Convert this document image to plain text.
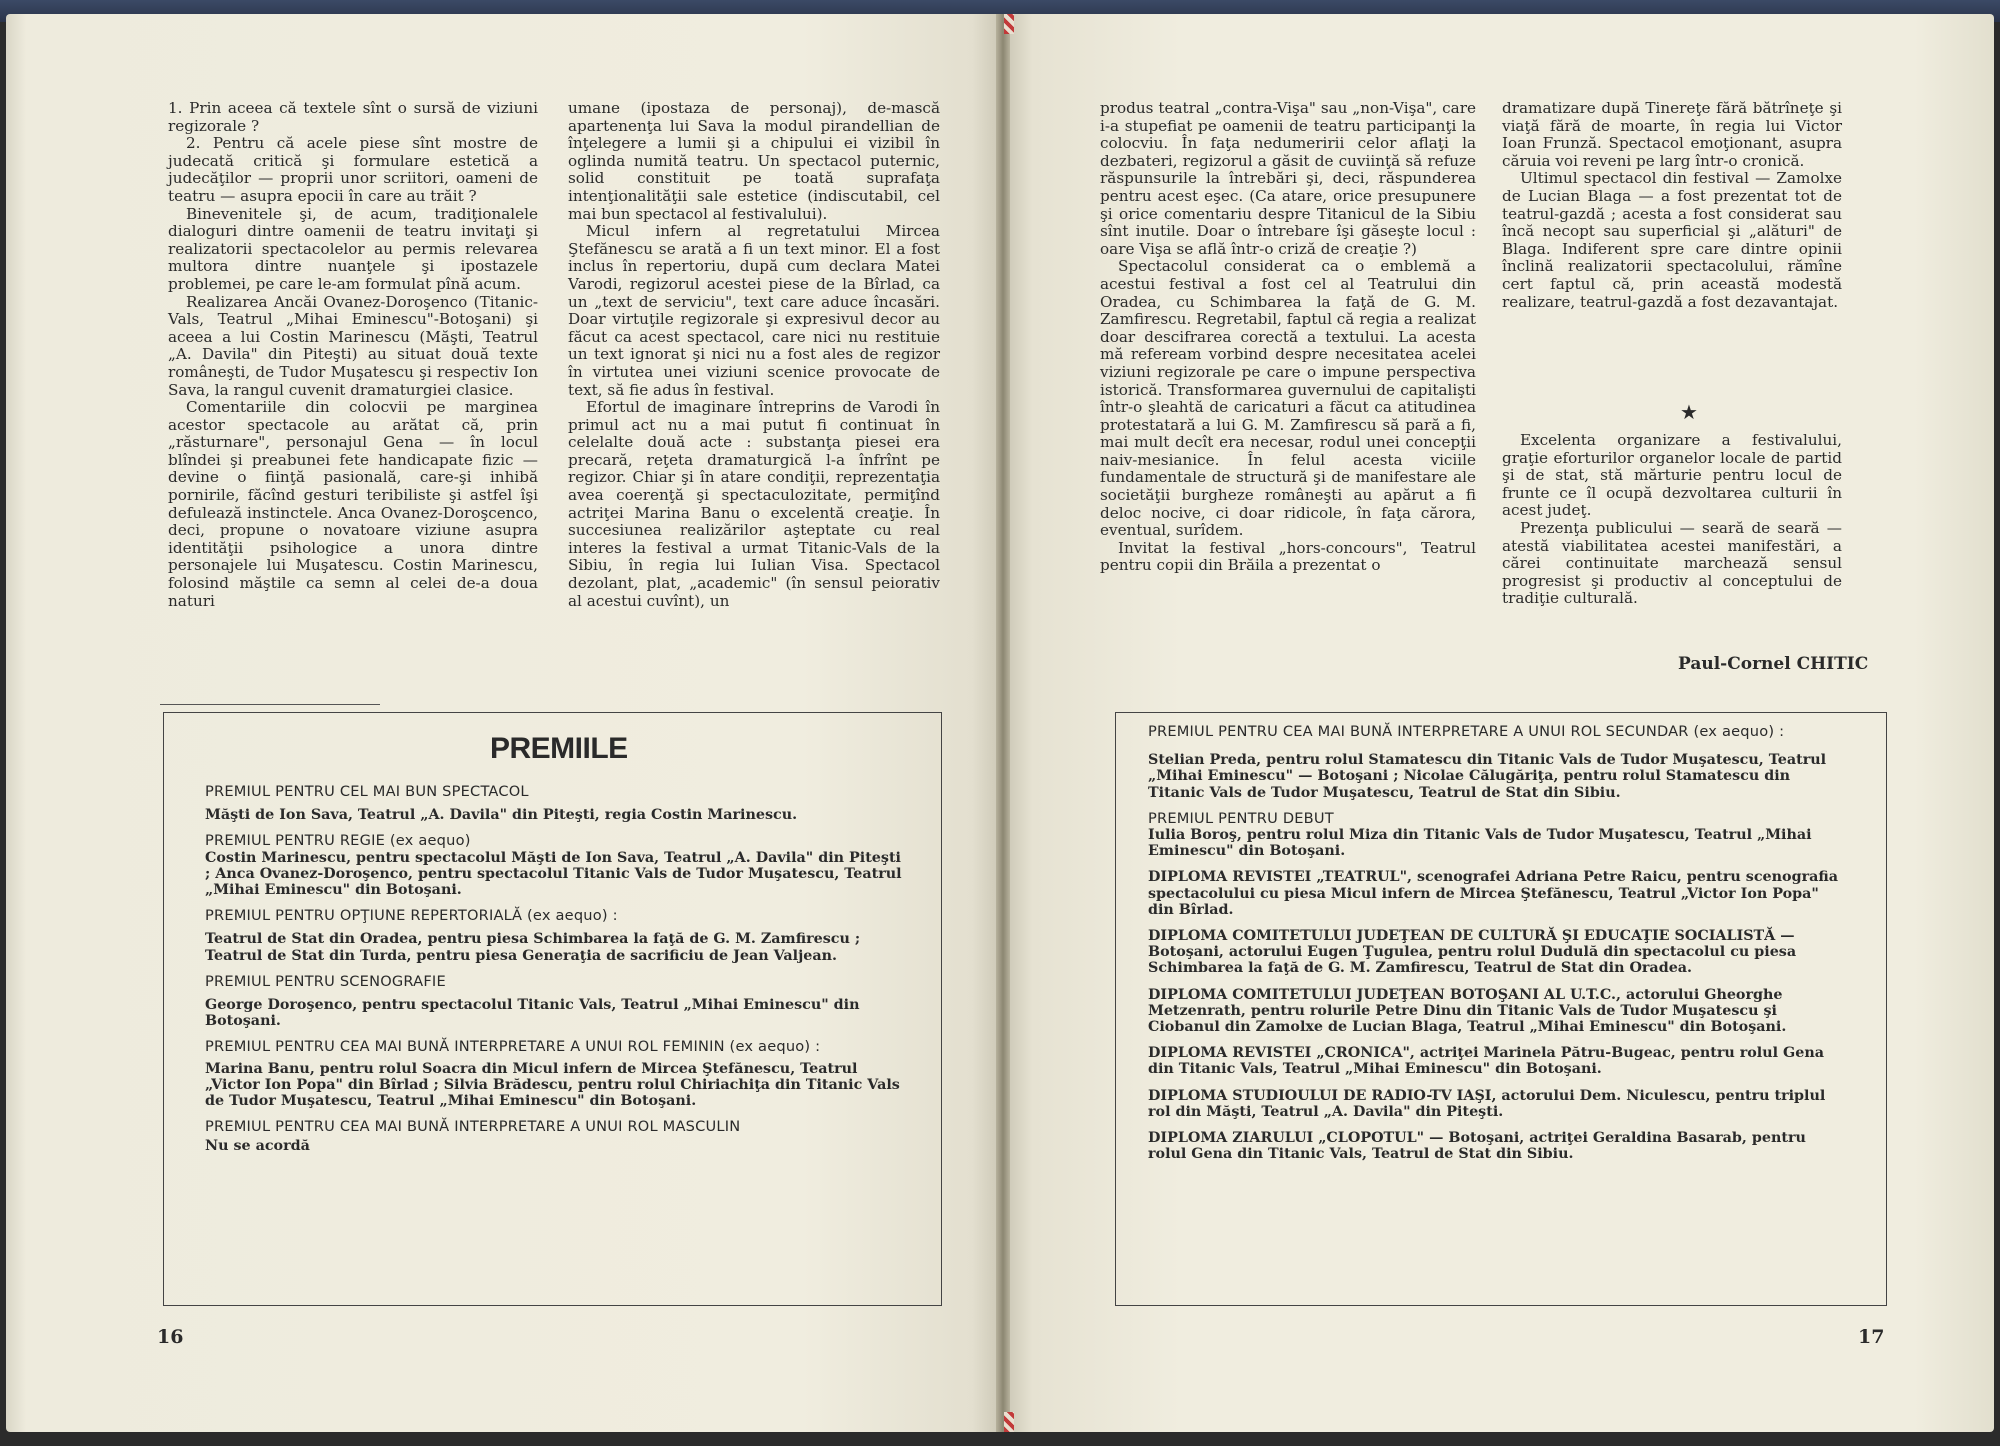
1. Prin aceea că textele sînt o sursă de viziuni regizorale ?

2. Pentru că acele piese sînt mostre de judecată critică şi formulare estetică a judecăţilor — proprii unor scriitori, oameni de teatru — asupra epocii în care au trăit ?

Binevenitele şi, de acum, tradiţionalele dialoguri dintre oamenii de teatru invitaţi şi realizatorii spectacolelor au permis relevarea multora dintre nuanţele şi ipostazele problemei, pe care le-am formulat pînă acum.

Realizarea Ancăi Ovanez-Doroşenco (Titanic-Vals, Teatrul „Mihai Eminescu"-Botoşani) şi aceea a lui Costin Marinescu (Măşti, Teatrul „A. Davila" din Piteşti) au situat două texte româneşti, de Tudor Muşatescu şi respectiv Ion Sava, la rangul cuvenit dramaturgiei clasice.

Comentariile din colocvii pe marginea acestor spectacole au arătat că, prin „răsturnare", personajul Gena — în locul blîndei şi preabunei fete handicapate fizic — devine o fiinţă pasională, care-şi inhibă pornirile, făcînd gesturi teribiliste şi astfel îşi defulează instinctele. Anca Ovanez-Doroşcenco, deci, propune o novatoare viziune asupra identităţii psihologice a unora dintre personajele lui Muşatescu. Costin Marinescu, folosind măştile ca semn al celei de-a doua naturi

umane (ipostaza de personaj), de-mască apartenenţa lui Sava la modul pirandellian de înţelegere a lumii şi a chipului ei vizibil în oglinda numită teatru. Un spectacol puternic, solid constituit pe toată suprafaţa intenţionalităţii sale estetice (indiscutabil, cel mai bun spectacol al festivalului).

Micul infern al regretatului Mircea Ştefănescu se arată a fi un text minor. El a fost inclus în repertoriu, după cum declara Matei Varodi, regizorul acestei piese de la Bîrlad, ca un „text de serviciu", text care aduce încasări. Doar virtuţile regizorale şi expresivul decor au făcut ca acest spectacol, care nici nu restituie un text ignorat şi nici nu a fost ales de regizor în virtutea unei viziuni scenice provocate de text, să fie adus în festival.

Efortul de imaginare întreprins de Varodi în primul act nu a mai putut fi continuat în celelalte două acte : substanţa piesei era precară, reţeta dramaturgică l-a înfrînt pe regizor. Chiar şi în atare condiţii, reprezentaţia avea coerenţă şi spectaculozitate, permiţînd actriţei Marina Banu o excelentă creaţie. În succesiunea realizărilor aşteptate cu real interes la festival a urmat Titanic-Vals de la Sibiu, în regia lui Iulian Visa. Spectacol dezolant, plat, „academic" (în sensul peiorativ al acestui cuvînt), un

PREMIILE

PREMIUL PENTRU CEL MAI BUN SPECTACOL

Măşti de Ion Sava, Teatrul „A. Davila" din Piteşti, regia Costin Marinescu.

PREMIUL PENTRU REGIE (ex aequo)

Costin Marinescu, pentru spectacolul Măşti de Ion Sava, Teatrul „A. Davila" din Piteşti ; Anca Ovanez-Doroşenco, pentru spectacolul Titanic Vals de Tudor Muşatescu, Teatrul „Mihai Eminescu" din Botoşani.

PREMIUL PENTRU OPŢIUNE REPERTORIALĂ (ex aequo) :

Teatrul de Stat din Oradea, pentru piesa Schimbarea la faţă de G. M. Zamfirescu ; Teatrul de Stat din Turda, pentru piesa Generaţia de sacrificiu de Jean Valjean.

PREMIUL PENTRU SCENOGRAFIE

George Doroşenco, pentru spectacolul Titanic Vals, Teatrul „Mihai Eminescu" din Botoşani.

PREMIUL PENTRU CEA MAI BUNĂ INTERPRETARE A UNUI ROL FEMININ (ex aequo) :

Marina Banu, pentru rolul Soacra din Micul infern de Mircea Ştefănescu, Teatrul „Victor Ion Popa" din Bîrlad ; Silvia Brădescu, pentru rolul Chiriachiţa din Titanic Vals de Tudor Muşatescu, Teatrul „Mihai Eminescu" din Botoşani.

PREMIUL PENTRU CEA MAI BUNĂ INTERPRETARE A UNUI ROL MASCULIN

Nu se acordă

16

produs teatral „contra-Vişa" sau „non-Vişa", care i-a stupefiat pe oamenii de teatru participanţi la colocviu. În faţa nedumeririi celor aflaţi la dezbateri, regizorul a găsit de cuviinţă să refuze răspunsurile la întrebări şi, deci, răspunderea pentru acest eşec. (Ca atare, orice presupunere şi orice comentariu despre Titanicul de la Sibiu sînt inutile. Doar o întrebare îşi găseşte locul : oare Vişa se află într-o criză de creaţie ?)

Spectacolul considerat ca o emblemă a acestui festival a fost cel al Teatrului din Oradea, cu Schimbarea la faţă de G. M. Zamfirescu. Regretabil, faptul că regia a realizat doar descifrarea corectă a textului. La acesta mă refeream vorbind despre necesitatea acelei viziuni regizorale pe care o impune perspectiva istorică. Transformarea guvernului de capitalişti într-o şleahtă de caricaturi a făcut ca atitudinea protestatară a lui G. M. Zamfirescu să pară a fi, mai mult decît era necesar, rodul unei concepţii naiv-mesianice. În felul acesta viciile fundamentale de structură şi de manifestare ale societăţii burgheze româneşti au apărut a fi deloc nocive, ci doar ridicole, în faţa cărora, eventual, surîdem.

Invitat la festival „hors-concours", Teatrul pentru copii din Brăila a prezentat o

dramatizare după Tinereţe fără bătrîneţe şi viaţă fără de moarte, în regia lui Victor Ioan Frunză. Spectacol emoţionant, asupra căruia voi reveni pe larg într-o cronică.

Ultimul spectacol din festival — Zamolxe de Lucian Blaga — a fost prezentat tot de teatrul-gazdă ; acesta a fost considerat sau încă necopt sau superficial şi „alături" de Blaga. Indiferent spre care dintre opinii înclină realizatorii spectacolului, rămîne cert faptul că, prin această modestă realizare, teatrul-gazdă a fost dezavantajat.

★

Excelenta organizare a festivalului, graţie eforturilor organelor locale de partid şi de stat, stă mărturie pentru locul de frunte ce îl ocupă dezvoltarea culturii în acest judeţ.

Prezenţa publicului — seară de seară — atestă viabilitatea acestei manifestări, a cărei continuitate marchează sensul progresist şi productiv al conceptului de tradiţie culturală.

Paul-Cornel CHITIC

PREMIUL PENTRU CEA MAI BUNĂ INTERPRETARE A UNUI ROL SECUNDAR (ex aequo) :

Stelian Preda, pentru rolul Stamatescu din Titanic Vals de Tudor Muşatescu, Teatrul „Mihai Eminescu" — Botoşani ; Nicolae Călugăriţa, pentru rolul Stamatescu din Titanic Vals de Tudor Muşatescu, Teatrul de Stat din Sibiu.

PREMIUL PENTRU DEBUT

Iulia Boroş, pentru rolul Miza din Titanic Vals de Tudor Muşatescu, Teatrul „Mihai Eminescu" din Botoşani.

DIPLOMA REVISTEI „TEATRUL", scenografei Adriana Petre Raicu, pentru scenografia spectacolului cu piesa Micul infern de Mircea Ştefănescu, Teatrul „Victor Ion Popa" din Bîrlad.

DIPLOMA COMITETULUI JUDEŢEAN DE CULTURĂ ŞI EDUCAŢIE SOCIALISTĂ — Botoşani, actorului Eugen Ţugulea, pentru rolul Dudulă din spectacolul cu piesa Schimbarea la faţă de G. M. Zamfirescu, Teatrul de Stat din Oradea.

DIPLOMA COMITETULUI JUDEŢEAN BOTOŞANI AL U.T.C., actorului Gheorghe Metzenrath, pentru rolurile Petre Dinu din Titanic Vals de Tudor Muşatescu şi Ciobanul din Zamolxe de Lucian Blaga, Teatrul „Mihai Eminescu" din Botoşani.

DIPLOMA REVISTEI „CRONICA", actriţei Marinela Pătru-Bugeac, pentru rolul Gena din Titanic Vals, Teatrul „Mihai Eminescu" din Botoşani.

DIPLOMA STUDIOULUI DE RADIO-TV IAŞI, actorului Dem. Niculescu, pentru triplul rol din Măşti, Teatrul „A. Davila" din Piteşti.

DIPLOMA ZIARULUI „CLOPOTUL" — Botoşani, actriţei Geraldina Basarab, pentru rolul Gena din Titanic Vals, Teatrul de Stat din Sibiu.

17
